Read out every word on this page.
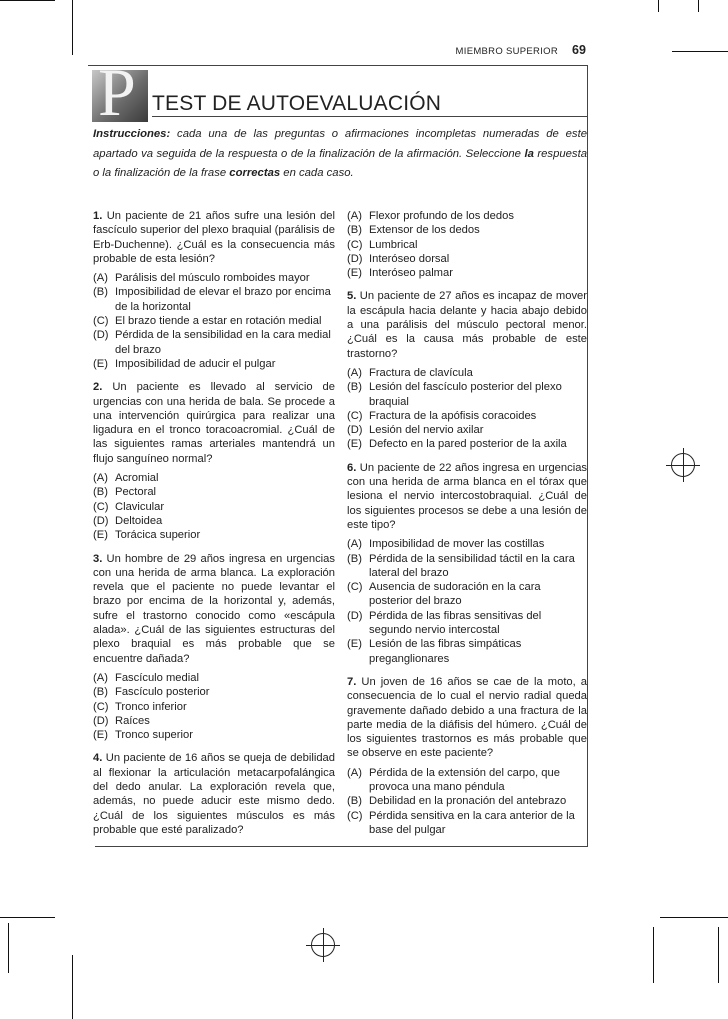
MIEMBRO SUPERIOR 69
P TEST DE AUTOEVALUACIÓN
Instrucciones: cada una de las preguntas o afirmaciones incompletas numeradas de este apartado va seguida de la respuesta o de la finalización de la afirmación. Seleccione la respuesta o la finalización de la frase correctas en cada caso.

1. Un paciente de 21 años sufre una lesión del fascículo superior del plexo braquial (parálisis de Erb-Duchenne). ¿Cuál es la consecuencia más probable de esta lesión?

(A) Parálisis del músculo romboides mayor
(B) Imposibilidad de elevar el brazo por encima de la horizontal
(C) El brazo tiende a estar en rotación medial
(D) Pérdida de la sensibilidad en la cara medial del brazo
(E) Imposibilidad de aducir el pulgar

2. Un paciente es llevado al servicio de urgencias con una herida de bala. Se procede a una intervención quirúrgica para realizar una ligadura en el tronco toracoacromial. ¿Cuál de las siguientes ramas arteriales mantendrá un flujo sanguíneo normal?

(A) Acromial
(B) Pectoral
(C) Clavicular
(D) Deltoidea
(E) Torácica superior

3. Un hombre de 29 años ingresa en urgencias con una herida de arma blanca. La exploración revela que el paciente no puede levantar el brazo por encima de la horizontal y, además, sufre el trastorno conocido como «escápula alada». ¿Cuál de las siguientes estructuras del plexo braquial es más probable que se encuentre dañada?

(A) Fascículo medial
(B) Fascículo posterior
(C) Tronco inferior
(D) Raíces
(E) Tronco superior

4. Un paciente de 16 años se queja de debilidad al flexionar la articulación metacarpofalángica del dedo anular. La exploración revela que, además, no puede aducir este mismo dedo. ¿Cuál de los siguientes músculos es más probable que esté paralizado?

(A) Flexor profundo de los dedos
(B) Extensor de los dedos
(C) Lumbrical
(D) Interóseo dorsal
(E) Interóseo palmar

5. Un paciente de 27 años es incapaz de mover la escápula hacia delante y hacia abajo debido a una parálisis del músculo pectoral menor. ¿Cuál es la causa más probable de este trastorno?

(A) Fractura de clavícula
(B) Lesión del fascículo posterior del plexo braquial
(C) Fractura de la apófisis coracoides
(D) Lesión del nervio axilar
(E) Defecto en la pared posterior de la axila

6. Un paciente de 22 años ingresa en urgencias con una herida de arma blanca en el tórax que lesiona el nervio intercostobraquial. ¿Cuál de los siguientes procesos se debe a una lesión de este tipo?

(A) Imposibilidad de mover las costillas
(B) Pérdida de la sensibilidad táctil en la cara lateral del brazo
(C) Ausencia de sudoración en la cara posterior del brazo
(D) Pérdida de las fibras sensitivas del segundo nervio intercostal
(E) Lesión de las fibras simpáticas preganglionares

7. Un joven de 16 años se cae de la moto, a consecuencia de lo cual el nervio radial queda gravemente dañado debido a una fractura de la parte media de la diáfisis del húmero. ¿Cuál de los siguientes trastornos es más probable que se observe en este paciente?

(A) Pérdida de la extensión del carpo, que provoca una mano péndula
(B) Debilidad en la pronación del antebrazo
(C) Pérdida sensitiva en la cara anterior de la base del pulgar
